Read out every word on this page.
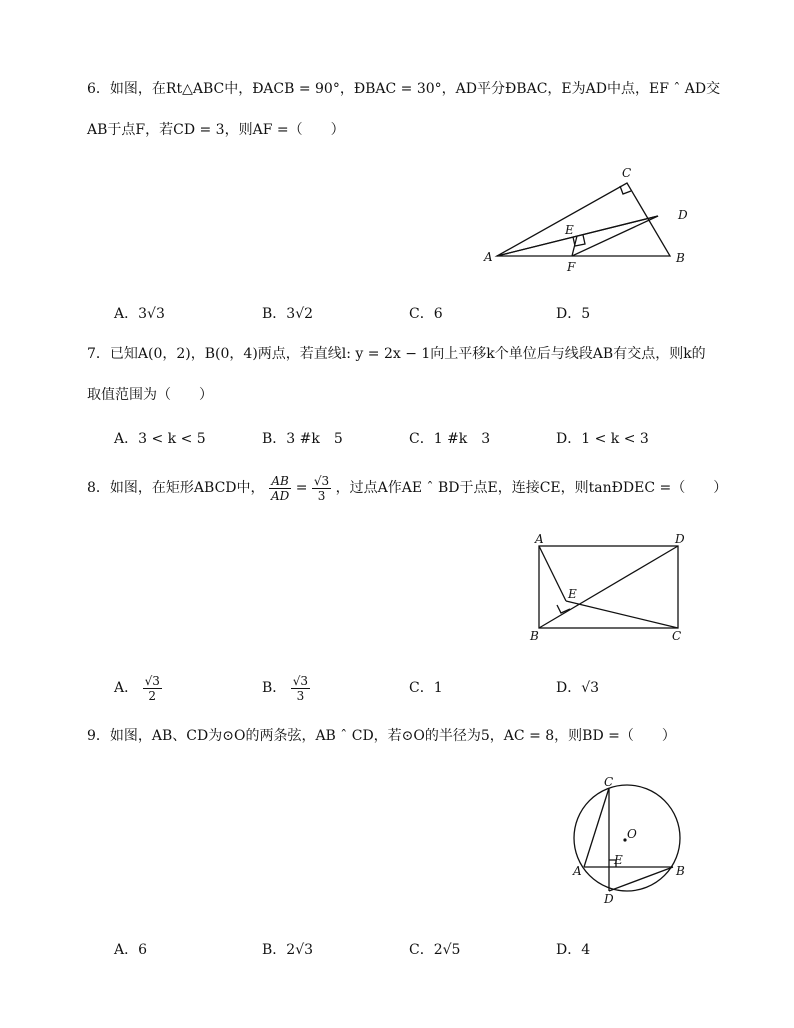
6．如图，在Rt△ABC中，ÐACB = 90°，ÐBAC = 30°，AD平分ÐBAC，E为AD中点，EF ˆ AD交
AB于点F，若CD = 3，则AF =（　　）
C
D
E
A	B
F
A．3√3	B．3√2	C．6	D．5
7．已知A(0，2)，B(0，4)两点，若直线l: y = 2x − 1向上平移k个单位后与线段AB有交点，则k的
取值范围为（　　）
A．3 < k < 5	B．3 #k　5	C．1 #k　3	D．1 < k < 3
8．如图，在矩形ABCD中， $\frac{AB}{AD} = \frac{√3}{3}$ ，过点A作AE ˆ BD于点E，连接CE，则tanÐDEC =（　　）
A	D
E
B	C
A． $\frac{√3}{2}$	B． $\frac{√3}{3}$	C．1	D．√3
9．如图，AB、CD为⊙O的两条弦，AB ˆ CD，若⊙O的半径为5，AC = 8，则BD =（　　）
C
O
E
A	B
D
A．6	B．2√3	C．2√5	D．4
